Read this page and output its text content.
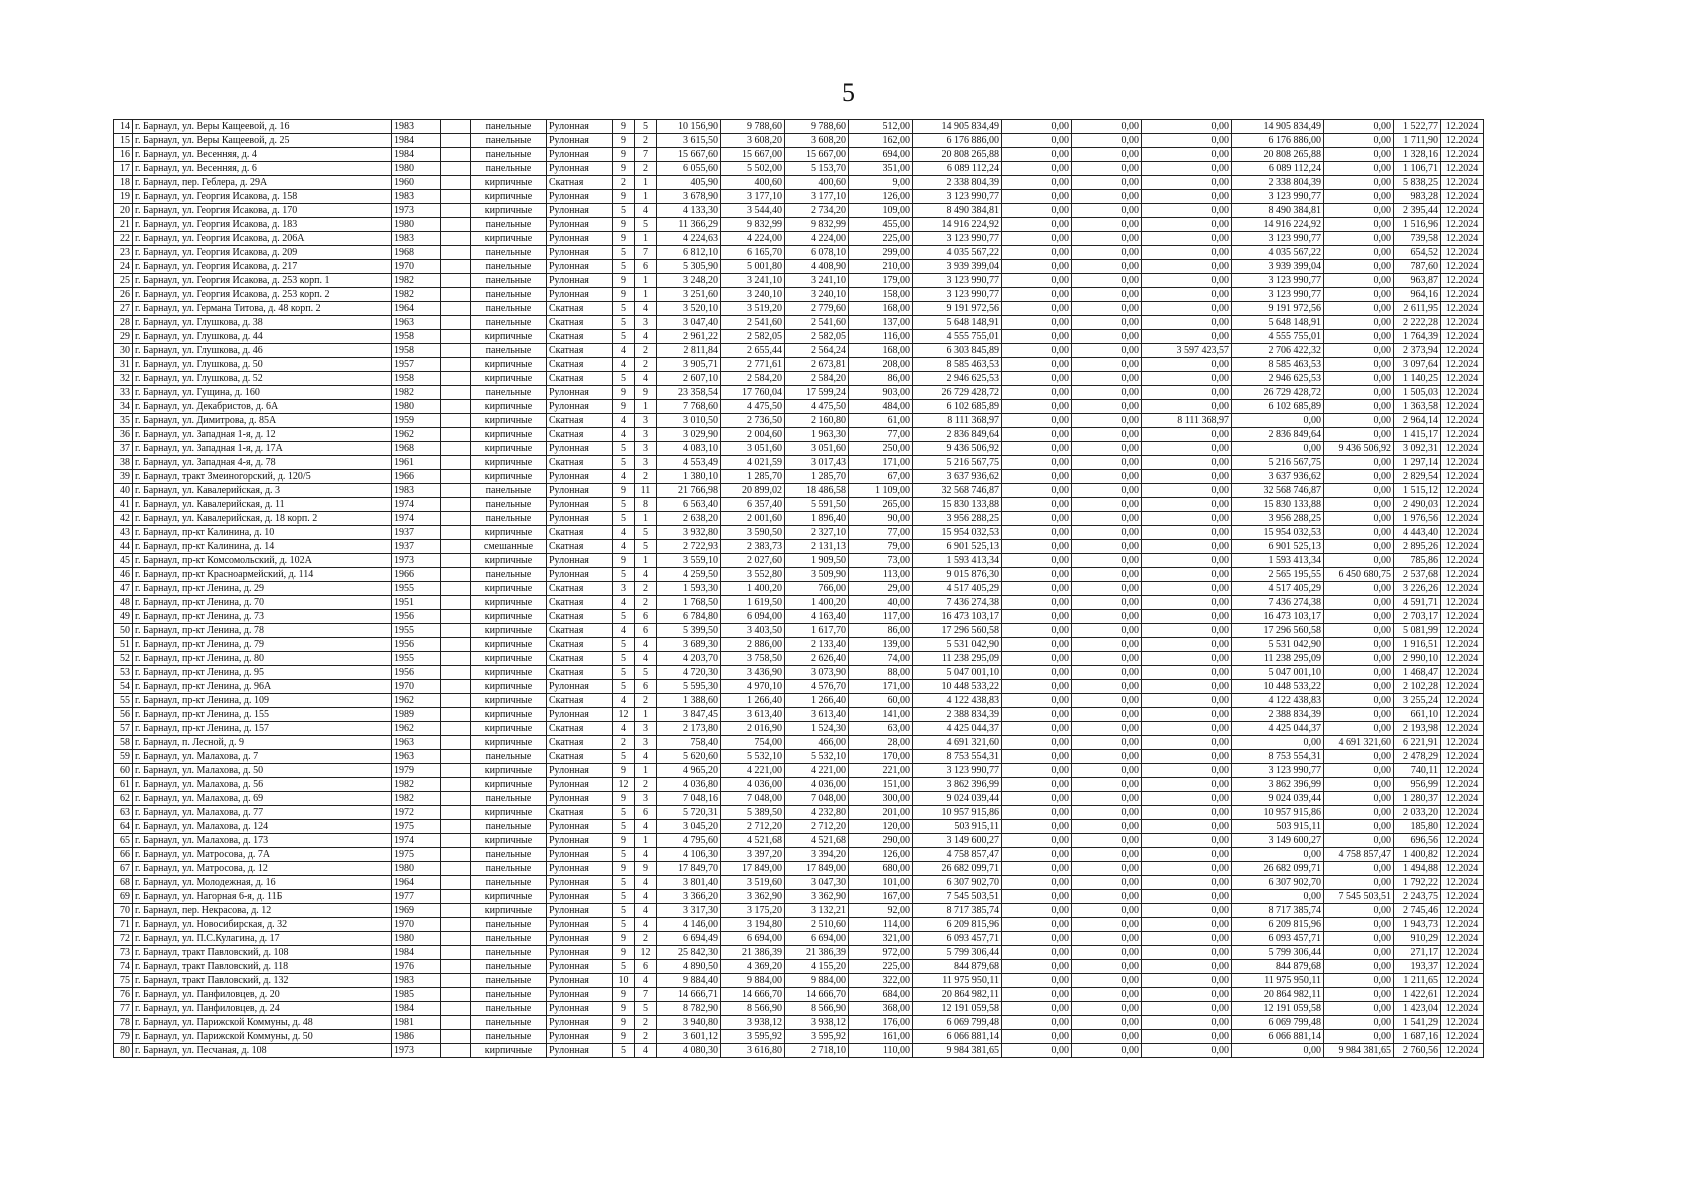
5
14	г. Барнаул, ул. Веры Кащеевой, д. 16	1983		панельные	Рулонная	9	5	10 156,90	9 788,60	9 788,60	512,00	14 905 834,49	0,00	0,00	0,00	14 905 834,49	0,00	1 522,77	12.2024
15	г. Барнаул, ул. Веры Кащеевой, д. 25	1984		панельные	Рулонная	9	2	3 615,50	3 608,20	3 608,20	162,00	6 176 886,00	0,00	0,00	0,00	6 176 886,00	0,00	1 711,90	12.2024
16	г. Барнаул, ул. Весенняя, д. 4	1984		панельные	Рулонная	9	7	15 667,60	15 667,00	15 667,00	694,00	20 808 265,88	0,00	0,00	0,00	20 808 265,88	0,00	1 328,16	12.2024
17	г. Барнаул, ул. Весенняя, д. 6	1980		панельные	Рулонная	9	2	6 055,60	5 502,00	5 153,70	351,00	6 089 112,24	0,00	0,00	0,00	6 089 112,24	0,00	1 106,71	12.2024
18	г. Барнаул, пер. Геблера, д. 29А	1960		кирпичные	Скатная	2	1	405,90	400,60	400,60	9,00	2 338 804,39	0,00	0,00	0,00	2 338 804,39	0,00	5 838,25	12.2024
19	г. Барнаул, ул. Георгия Исакова, д. 158	1983		кирпичные	Рулонная	9	1	3 678,90	3 177,10	3 177,10	126,00	3 123 990,77	0,00	0,00	0,00	3 123 990,77	0,00	983,28	12.2024
20	г. Барнаул, ул. Георгия Исакова, д. 170	1973		кирпичные	Рулонная	5	4	4 133,30	3 544,40	2 734,20	109,00	8 490 384,81	0,00	0,00	0,00	8 490 384,81	0,00	2 395,44	12.2024
21	г. Барнаул, ул. Георгия Исакова, д. 183	1980		панельные	Рулонная	9	5	11 366,29	9 832,99	9 832,99	455,00	14 916 224,92	0,00	0,00	0,00	14 916 224,92	0,00	1 516,96	12.2024
22	г. Барнаул, ул. Георгия Исакова, д. 206А	1983		кирпичные	Рулонная	9	1	4 224,63	4 224,00	4 224,00	225,00	3 123 990,77	0,00	0,00	0,00	3 123 990,77	0,00	739,58	12.2024
23	г. Барнаул, ул. Георгия Исакова, д. 209	1968		панельные	Рулонная	5	7	6 812,10	6 165,70	6 078,10	299,00	4 035 567,22	0,00	0,00	0,00	4 035 567,22	0,00	654,52	12.2024
24	г. Барнаул, ул. Георгия Исакова, д. 217	1970		панельные	Рулонная	5	6	5 305,90	5 001,80	4 408,90	210,00	3 939 399,04	0,00	0,00	0,00	3 939 399,04	0,00	787,60	12.2024
25	г. Барнаул, ул. Георгия Исакова, д. 253 корп. 1	1982		панельные	Рулонная	9	1	3 248,20	3 241,10	3 241,10	179,00	3 123 990,77	0,00	0,00	0,00	3 123 990,77	0,00	963,87	12.2024
26	г. Барнаул, ул. Георгия Исакова, д. 253 корп. 2	1982		панельные	Рулонная	9	1	3 251,60	3 240,10	3 240,10	158,00	3 123 990,77	0,00	0,00	0,00	3 123 990,77	0,00	964,16	12.2024
27	г. Барнаул, ул. Германа Титова, д. 48 корп. 2	1964		панельные	Скатная	5	4	3 520,10	3 519,20	2 779,60	168,00	9 191 972,56	0,00	0,00	0,00	9 191 972,56	0,00	2 611,95	12.2024
28	г. Барнаул, ул. Глушкова, д. 38	1963		панельные	Скатная	5	3	3 047,40	2 541,60	2 541,60	137,00	5 648 148,91	0,00	0,00	0,00	5 648 148,91	0,00	2 222,28	12.2024
29	г. Барнаул, ул. Глушкова, д. 44	1958		кирпичные	Скатная	5	4	2 961,22	2 582,05	2 582,05	116,00	4 555 755,01	0,00	0,00	0,00	4 555 755,01	0,00	1 764,39	12.2024
30	г. Барнаул, ул. Глушкова, д. 46	1958		панельные	Скатная	4	2	2 811,84	2 655,44	2 564,24	168,00	6 303 845,89	0,00	0,00	3 597 423,57	2 706 422,32	0,00	2 373,94	12.2024
31	г. Барнаул, ул. Глушкова, д. 50	1957		кирпичные	Скатная	4	2	3 905,71	2 771,61	2 673,81	208,00	8 585 463,53	0,00	0,00	0,00	8 585 463,53	0,00	3 097,64	12.2024
32	г. Барнаул, ул. Глушкова, д. 52	1958		кирпичные	Скатная	5	4	2 607,10	2 584,20	2 584,20	86,00	2 946 625,53	0,00	0,00	0,00	2 946 625,53	0,00	1 140,25	12.2024
33	г. Барнаул, ул. Гущина, д. 160	1982		панельные	Рулонная	9	9	23 358,54	17 760,04	17 599,24	903,00	26 729 428,72	0,00	0,00	0,00	26 729 428,72	0,00	1 505,03	12.2024
34	г. Барнаул, ул. Декабристов, д. 6А	1980		кирпичные	Рулонная	9	1	7 768,60	4 475,50	4 475,50	484,00	6 102 685,89	0,00	0,00	0,00	6 102 685,89	0,00	1 363,58	12.2024
35	г. Барнаул, ул. Димитрова, д. 85А	1959		кирпичные	Скатная	4	3	3 010,50	2 736,50	2 160,80	61,00	8 111 368,97	0,00	0,00	8 111 368,97	0,00	0,00	2 964,14	12.2024
36	г. Барнаул, ул. Западная 1-я, д. 12	1962		кирпичные	Скатная	4	3	3 029,90	2 004,60	1 963,30	77,00	2 836 849,64	0,00	0,00	0,00	2 836 849,64	0,00	1 415,17	12.2024
37	г. Барнаул, ул. Западная 1-я, д. 17А	1968		кирпичные	Рулонная	5	3	4 083,10	3 051,60	3 051,60	250,00	9 436 506,92	0,00	0,00	0,00	0,00	9 436 506,92	3 092,31	12.2024
38	г. Барнаул, ул. Западная 4-я, д. 78	1961		кирпичные	Скатная	5	3	4 553,49	4 021,59	3 017,43	171,00	5 216 567,75	0,00	0,00	0,00	5 216 567,75	0,00	1 297,14	12.2024
39	г. Барнаул, тракт Змеиногорский, д. 120/5	1966		кирпичные	Рулонная	4	2	1 380,10	1 285,70	1 285,70	67,00	3 637 936,62	0,00	0,00	0,00	3 637 936,62	0,00	2 829,54	12.2024
40	г. Барнаул, ул. Кавалерийская, д. 3	1983		панельные	Рулонная	9	11	21 766,98	20 899,02	18 486,58	1 109,00	32 568 746,87	0,00	0,00	0,00	32 568 746,87	0,00	1 515,12	12.2024
41	г. Барнаул, ул. Кавалерийская, д. 11	1974		панельные	Рулонная	5	8	6 563,40	6 357,40	5 591,50	265,00	15 830 133,88	0,00	0,00	0,00	15 830 133,88	0,00	2 490,03	12.2024
42	г. Барнаул, ул. Кавалерийская, д. 18 корп. 2	1974		панельные	Рулонная	5	1	2 638,20	2 001,60	1 896,40	90,00	3 956 288,25	0,00	0,00	0,00	3 956 288,25	0,00	1 976,56	12.2024
43	г. Барнаул, пр-кт Калинина, д. 10	1937		кирпичные	Скатная	4	5	3 932,80	3 590,50	2 327,10	77,00	15 954 032,53	0,00	0,00	0,00	15 954 032,53	0,00	4 443,40	12.2024
44	г. Барнаул, пр-кт Калинина, д. 14	1937		смешанные	Скатная	4	5	2 722,93	2 383,73	2 131,13	79,00	6 901 525,13	0,00	0,00	0,00	6 901 525,13	0,00	2 895,26	12.2024
45	г. Барнаул, пр-кт Комсомольский, д. 102А	1973		кирпичные	Рулонная	9	1	3 559,10	2 027,60	1 909,50	73,00	1 593 413,34	0,00	0,00	0,00	1 593 413,34	0,00	785,86	12.2024
46	г. Барнаул, пр-кт Красноармейский, д. 114	1966		панельные	Рулонная	5	4	4 259,50	3 552,80	3 509,90	113,00	9 015 876,30	0,00	0,00	0,00	2 565 195,55	6 450 680,75	2 537,68	12.2024
47	г. Барнаул, пр-кт Ленина, д. 29	1955		кирпичные	Скатная	3	2	1 593,30	1 400,20	766,00	29,00	4 517 405,29	0,00	0,00	0,00	4 517 405,29	0,00	3 226,26	12.2024
48	г. Барнаул, пр-кт Ленина, д. 70	1951		кирпичные	Скатная	4	2	1 768,50	1 619,50	1 400,20	40,00	7 436 274,38	0,00	0,00	0,00	7 436 274,38	0,00	4 591,71	12.2024
49	г. Барнаул, пр-кт Ленина, д. 73	1956		кирпичные	Скатная	5	6	6 784,80	6 094,00	4 163,40	117,00	16 473 103,17	0,00	0,00	0,00	16 473 103,17	0,00	2 703,17	12.2024
50	г. Барнаул, пр-кт Ленина, д. 78	1955		кирпичные	Скатная	4	6	5 399,50	3 403,50	1 617,70	86,00	17 296 560,58	0,00	0,00	0,00	17 296 560,58	0,00	5 081,99	12.2024
51	г. Барнаул, пр-кт Ленина, д. 79	1956		кирпичные	Скатная	5	4	3 689,30	2 886,00	2 133,40	139,00	5 531 042,90	0,00	0,00	0,00	5 531 042,90	0,00	1 916,51	12.2024
52	г. Барнаул, пр-кт Ленина, д. 80	1955		кирпичные	Скатная	5	4	4 203,70	3 758,50	2 626,40	74,00	11 238 295,09	0,00	0,00	0,00	11 238 295,09	0,00	2 990,10	12.2024
53	г. Барнаул, пр-кт Ленина, д. 95	1956		кирпичные	Скатная	5	5	4 720,30	3 436,90	3 073,90	88,00	5 047 001,10	0,00	0,00	0,00	5 047 001,10	0,00	1 468,47	12.2024
54	г. Барнаул, пр-кт Ленина, д. 96А	1970		кирпичные	Рулонная	5	6	5 595,30	4 970,10	4 576,70	171,00	10 448 533,22	0,00	0,00	0,00	10 448 533,22	0,00	2 102,28	12.2024
55	г. Барнаул, пр-кт Ленина, д. 109	1962		кирпичные	Скатная	4	2	1 388,60	1 266,40	1 266,40	60,00	4 122 438,83	0,00	0,00	0,00	4 122 438,83	0,00	3 255,24	12.2024
56	г. Барнаул, пр-кт Ленина, д. 155	1989		кирпичные	Рулонная	12	1	3 847,45	3 613,40	3 613,40	141,00	2 388 834,39	0,00	0,00	0,00	2 388 834,39	0,00	661,10	12.2024
57	г. Барнаул, пр-кт Ленина, д. 157	1962		кирпичные	Скатная	4	3	2 173,80	2 016,90	1 524,30	63,00	4 425 044,37	0,00	0,00	0,00	4 425 044,37	0,00	2 193,98	12.2024
58	г. Барнаул, п. Лесной, д. 9	1963		кирпичные	Скатная	2	3	758,40	754,00	466,00	28,00	4 691 321,60	0,00	0,00	0,00	0,00	4 691 321,60	6 221,91	12.2024
59	г. Барнаул, ул. Малахова, д. 7	1963		панельные	Скатная	5	4	5 620,60	5 532,10	5 532,10	170,00	8 753 554,31	0,00	0,00	0,00	8 753 554,31	0,00	2 478,29	12.2024
60	г. Барнаул, ул. Малахова, д. 50	1979		кирпичные	Рулонная	9	1	4 965,20	4 221,00	4 221,00	221,00	3 123 990,77	0,00	0,00	0,00	3 123 990,77	0,00	740,11	12.2024
61	г. Барнаул, ул. Малахова, д. 56	1982		кирпичные	Рулонная	12	2	4 036,80	4 036,00	4 036,00	151,00	3 862 396,99	0,00	0,00	0,00	3 862 396,99	0,00	956,99	12.2024
62	г. Барнаул, ул. Малахова, д. 69	1982		панельные	Рулонная	9	3	7 048,16	7 048,00	7 048,00	300,00	9 024 039,44	0,00	0,00	0,00	9 024 039,44	0,00	1 280,37	12.2024
63	г. Барнаул, ул. Малахова, д. 77	1972		кирпичные	Скатная	5	6	5 720,31	5 389,50	4 232,80	201,00	10 957 915,86	0,00	0,00	0,00	10 957 915,86	0,00	2 033,20	12.2024
64	г. Барнаул, ул. Малахова, д. 124	1975		панельные	Рулонная	5	4	3 045,20	2 712,20	2 712,20	120,00	503 915,11	0,00	0,00	0,00	503 915,11	0,00	185,80	12.2024
65	г. Барнаул, ул. Малахова, д. 173	1974		кирпичные	Рулонная	9	1	4 795,60	4 521,68	4 521,68	290,00	3 149 600,27	0,00	0,00	0,00	3 149 600,27	0,00	696,56	12.2024
66	г. Барнаул, ул. Матросова, д. 7А	1975		панельные	Рулонная	5	4	4 106,30	3 397,20	3 394,20	126,00	4 758 857,47	0,00	0,00	0,00	0,00	4 758 857,47	1 400,82	12.2024
67	г. Барнаул, ул. Матросова, д. 12	1980		панельные	Рулонная	9	9	17 849,70	17 849,00	17 849,00	680,00	26 682 099,71	0,00	0,00	0,00	26 682 099,71	0,00	1 494,88	12.2024
68	г. Барнаул, ул. Молодежная, д. 16	1964		панельные	Рулонная	5	4	3 801,40	3 519,60	3 047,30	101,00	6 307 902,70	0,00	0,00	0,00	6 307 902,70	0,00	1 792,22	12.2024
69	г. Барнаул, ул. Нагорная 6-я, д. 11Б	1977		кирпичные	Рулонная	5	4	3 366,20	3 362,90	3 362,90	167,00	7 545 503,51	0,00	0,00	0,00	0,00	7 545 503,51	2 243,75	12.2024
70	г. Барнаул, пер. Некрасова, д. 12	1969		кирпичные	Рулонная	5	4	3 317,30	3 175,20	3 132,21	92,00	8 717 385,74	0,00	0,00	0,00	8 717 385,74	0,00	2 745,46	12.2024
71	г. Барнаул, ул. Новосибирская, д. 32	1970		панельные	Рулонная	5	4	4 146,00	3 194,80	2 510,60	114,00	6 209 815,96	0,00	0,00	0,00	6 209 815,96	0,00	1 943,73	12.2024
72	г. Барнаул, ул. П.С.Кулагина, д. 17	1980		панельные	Рулонная	9	2	6 694,49	6 694,00	6 694,00	321,00	6 093 457,71	0,00	0,00	0,00	6 093 457,71	0,00	910,29	12.2024
73	г. Барнаул, тракт Павловский, д. 108	1984		панельные	Рулонная	9	12	25 842,30	21 386,39	21 386,39	972,00	5 799 306,44	0,00	0,00	0,00	5 799 306,44	0,00	271,17	12.2024
74	г. Барнаул, тракт Павловский, д. 118	1976		панельные	Рулонная	5	6	4 890,50	4 369,20	4 155,20	225,00	844 879,68	0,00	0,00	0,00	844 879,68	0,00	193,37	12.2024
75	г. Барнаул, тракт Павловский, д. 132	1983		панельные	Рулонная	10	4	9 884,40	9 884,00	9 884,00	322,00	11 975 950,11	0,00	0,00	0,00	11 975 950,11	0,00	1 211,65	12.2024
76	г. Барнаул, ул. Панфиловцев, д. 20	1985		панельные	Рулонная	9	7	14 666,71	14 666,70	14 666,70	684,00	20 864 982,11	0,00	0,00	0,00	20 864 982,11	0,00	1 422,61	12.2024
77	г. Барнаул, ул. Панфиловцев, д. 24	1984		панельные	Рулонная	9	5	8 782,90	8 566,90	8 566,90	368,00	12 191 059,58	0,00	0,00	0,00	12 191 059,58	0,00	1 423,04	12.2024
78	г. Барнаул, ул. Парижской Коммуны, д. 48	1981		панельные	Рулонная	9	2	3 940,80	3 938,12	3 938,12	176,00	6 069 799,48	0,00	0,00	0,00	6 069 799,48	0,00	1 541,29	12.2024
79	г. Барнаул, ул. Парижской Коммуны, д. 50	1986		панельные	Рулонная	9	2	3 601,12	3 595,92	3 595,92	161,00	6 066 881,14	0,00	0,00	0,00	6 066 881,14	0,00	1 687,16	12.2024
80	г. Барнаул, ул. Песчаная, д. 108	1973		кирпичные	Рулонная	5	4	4 080,30	3 616,80	2 718,10	110,00	9 984 381,65	0,00	0,00	0,00	0,00	9 984 381,65	2 760,56	12.2024
